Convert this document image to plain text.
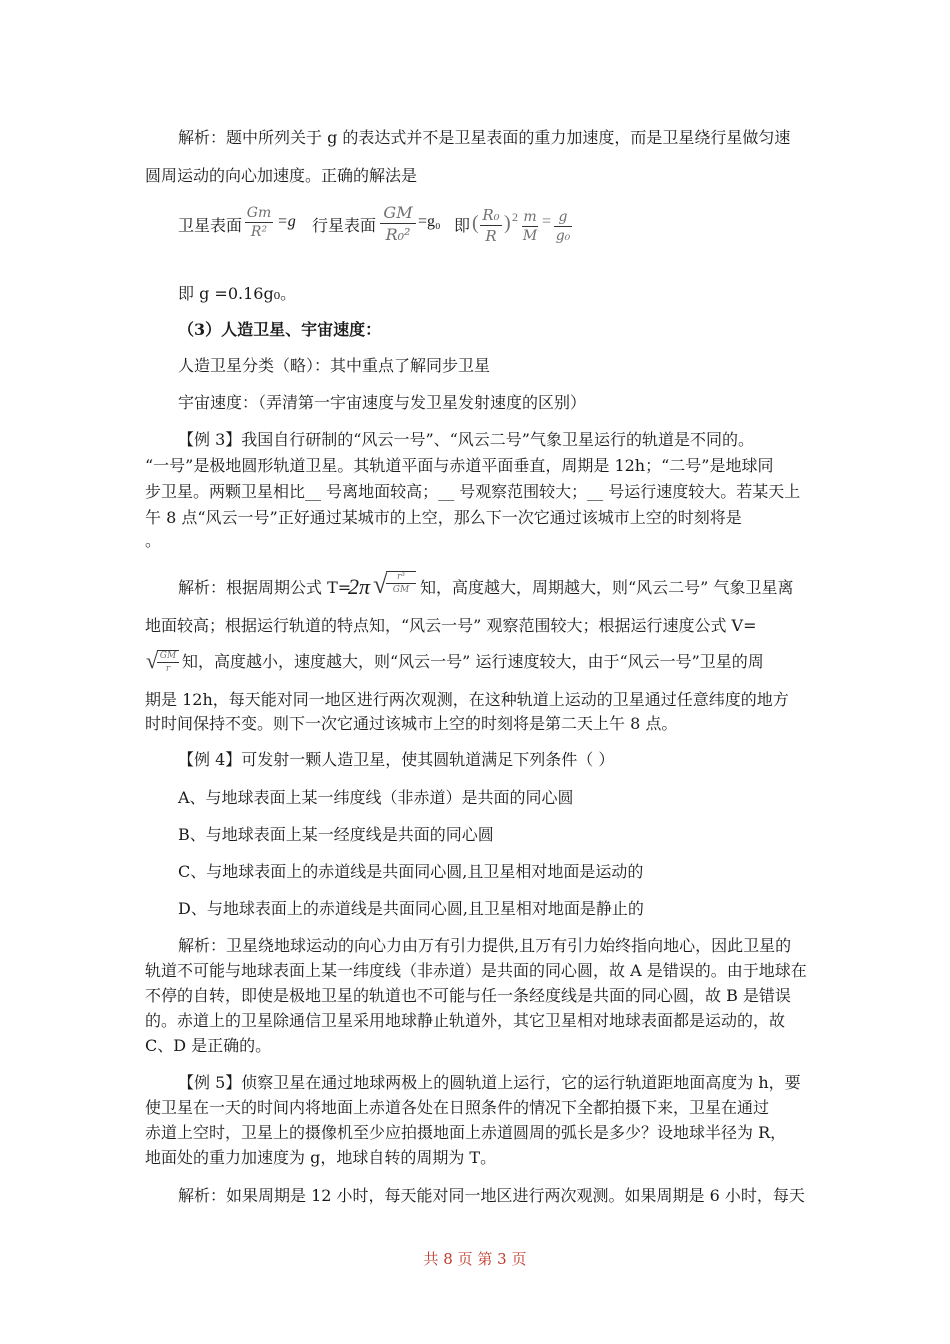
解析：题中所列关于 g 的表达式并不是卫星表面的重力加速度，而是卫星绕行星做匀速
圆周运动的向心加速度。正确的解法是
卫星表面
Gm
R²
=g 行星表面
GM
R₀²
=g₀ 即 ( R₀
R
) 2 m
M
= g
g₀
即 g =0.16g₀。
（3）人造卫星、宇宙速度：
人造卫星分类（略）：其中重点了解同步卫星
宇宙速度：（弄清第一宇宙速度与发卫星发射速度的区别）
【例 3】我国自行研制的“风云一号”、“风云二号”气象卫星运行的轨道是不同的。
“一号”是极地圆形轨道卫星。其轨道平面与赤道平面垂直，周期是 12h；“二号”是地球同
步卫星。两颗卫星相比__ 号离地面较高；__ 号观察范围较大；__ 号运行速度较大。若某天上
午 8 点“风云一号”正好通过某城市的上空，那么下一次它通过该城市上空的时刻将是
。
解析：根据周期公式 T=
2π √	r³
GM 知，高度越大，周期越大，则“风云二号” 气象卫星离
地面较高；根据运行轨道的特点知，“风云一号” 观察范围较大；根据运行速度公式 V=
√ GM
r 知，高度越小，速度越大，则“风云一号” 运行速度较大，由于“风云一号”卫星的周
期是 12h，每天能对同一地区进行两次观测，在这种轨道上运动的卫星通过任意纬度的地方
时时间保持不变。则下一次它通过该城市上空的时刻将是第二天上午 8 点。
【例 4】可发射一颗人造卫星，使其圆轨道满足下列条件（ ）
A、与地球表面上某一纬度线（非赤道）是共面的同心圆
B、与地球表面上某一经度线是共面的同心圆
C、与地球表面上的赤道线是共面同心圆,且卫星相对地面是运动的
D、与地球表面上的赤道线是共面同心圆,且卫星相对地面是静止的
解析：卫星绕地球运动的向心力由万有引力提供,且万有引力始终指向地心，因此卫星的
轨道不可能与地球表面上某一纬度线（非赤道）是共面的同心圆，故 A 是错误的。由于地球在
不停的自转，即使是极地卫星的轨道也不可能与任一条经度线是共面的同心圆，故 B 是错误
的。赤道上的卫星除通信卫星采用地球静止轨道外，其它卫星相对地球表面都是运动的，故
C、D 是正确的。
【例 5】侦察卫星在通过地球两极上的圆轨道上运行，它的运行轨道距地面高度为 h，要
使卫星在一天的时间内将地面上赤道各处在日照条件的情况下全都拍摄下来，卫星在通过
赤道上空时，卫星上的摄像机至少应拍摄地面上赤道圆周的弧长是多少？设地球半径为 R，
地面处的重力加速度为 g，地球自转的周期为 T。
解析：如果周期是 12 小时，每天能对同一地区进行两次观测。如果周期是 6 小时，每天
共 8 页 第 3 页
